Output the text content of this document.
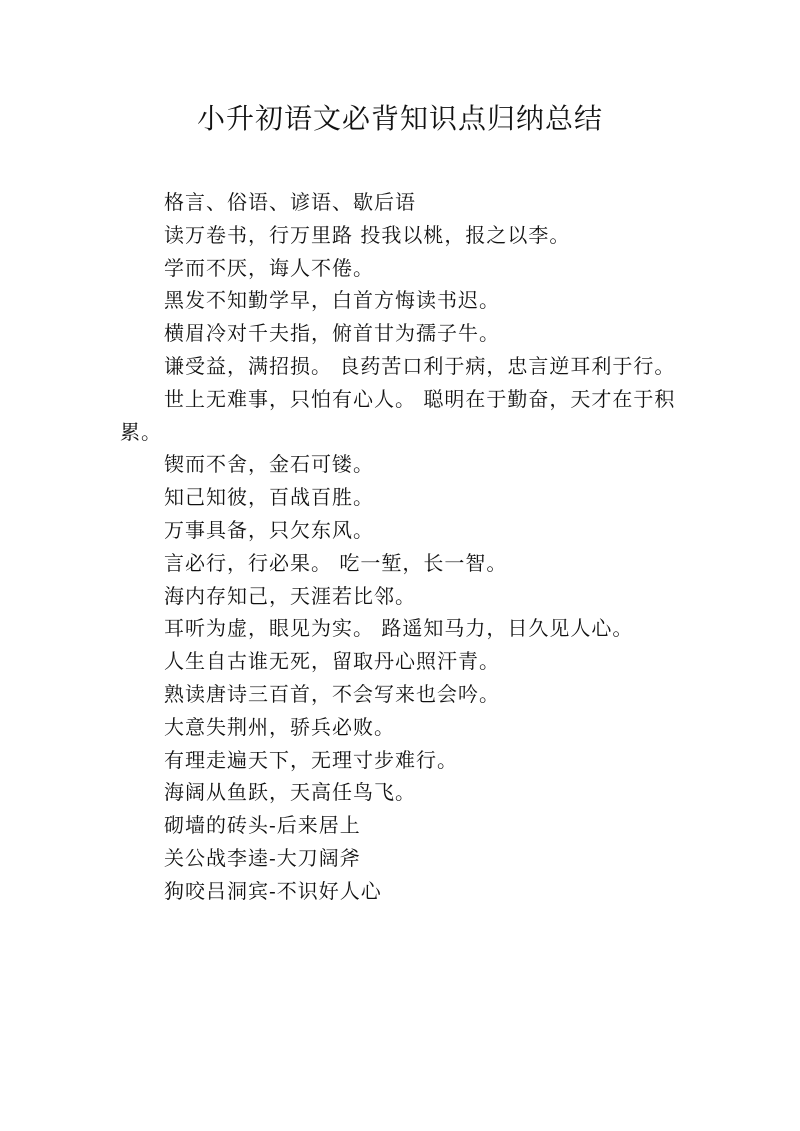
小升初语文必背知识点归纳总结

格言、俗语、谚语、歇后语

读万卷书，行万里路 投我以桃，报之以李。

学而不厌，诲人不倦。

黑发不知勤学早，白首方悔读书迟。

横眉冷对千夫指，俯首甘为孺子牛。

谦受益，满招损。 良药苦口利于病，忠言逆耳利于行。

世上无难事，只怕有心人。 聪明在于勤奋，天才在于积累。

锲而不舍，金石可镂。

知己知彼，百战百胜。

万事具备，只欠东风。

言必行，行必果。 吃一堑，长一智。

海内存知己，天涯若比邻。

耳听为虚，眼见为实。 路遥知马力，日久见人心。

人生自古谁无死，留取丹心照汗青。

熟读唐诗三百首，不会写来也会吟。

大意失荆州，骄兵必败。

有理走遍天下，无理寸步难行。

海阔从鱼跃，天高任鸟飞。

砌墙的砖头-后来居上

关公战李逵-大刀阔斧

狗咬吕洞宾-不识好人心
